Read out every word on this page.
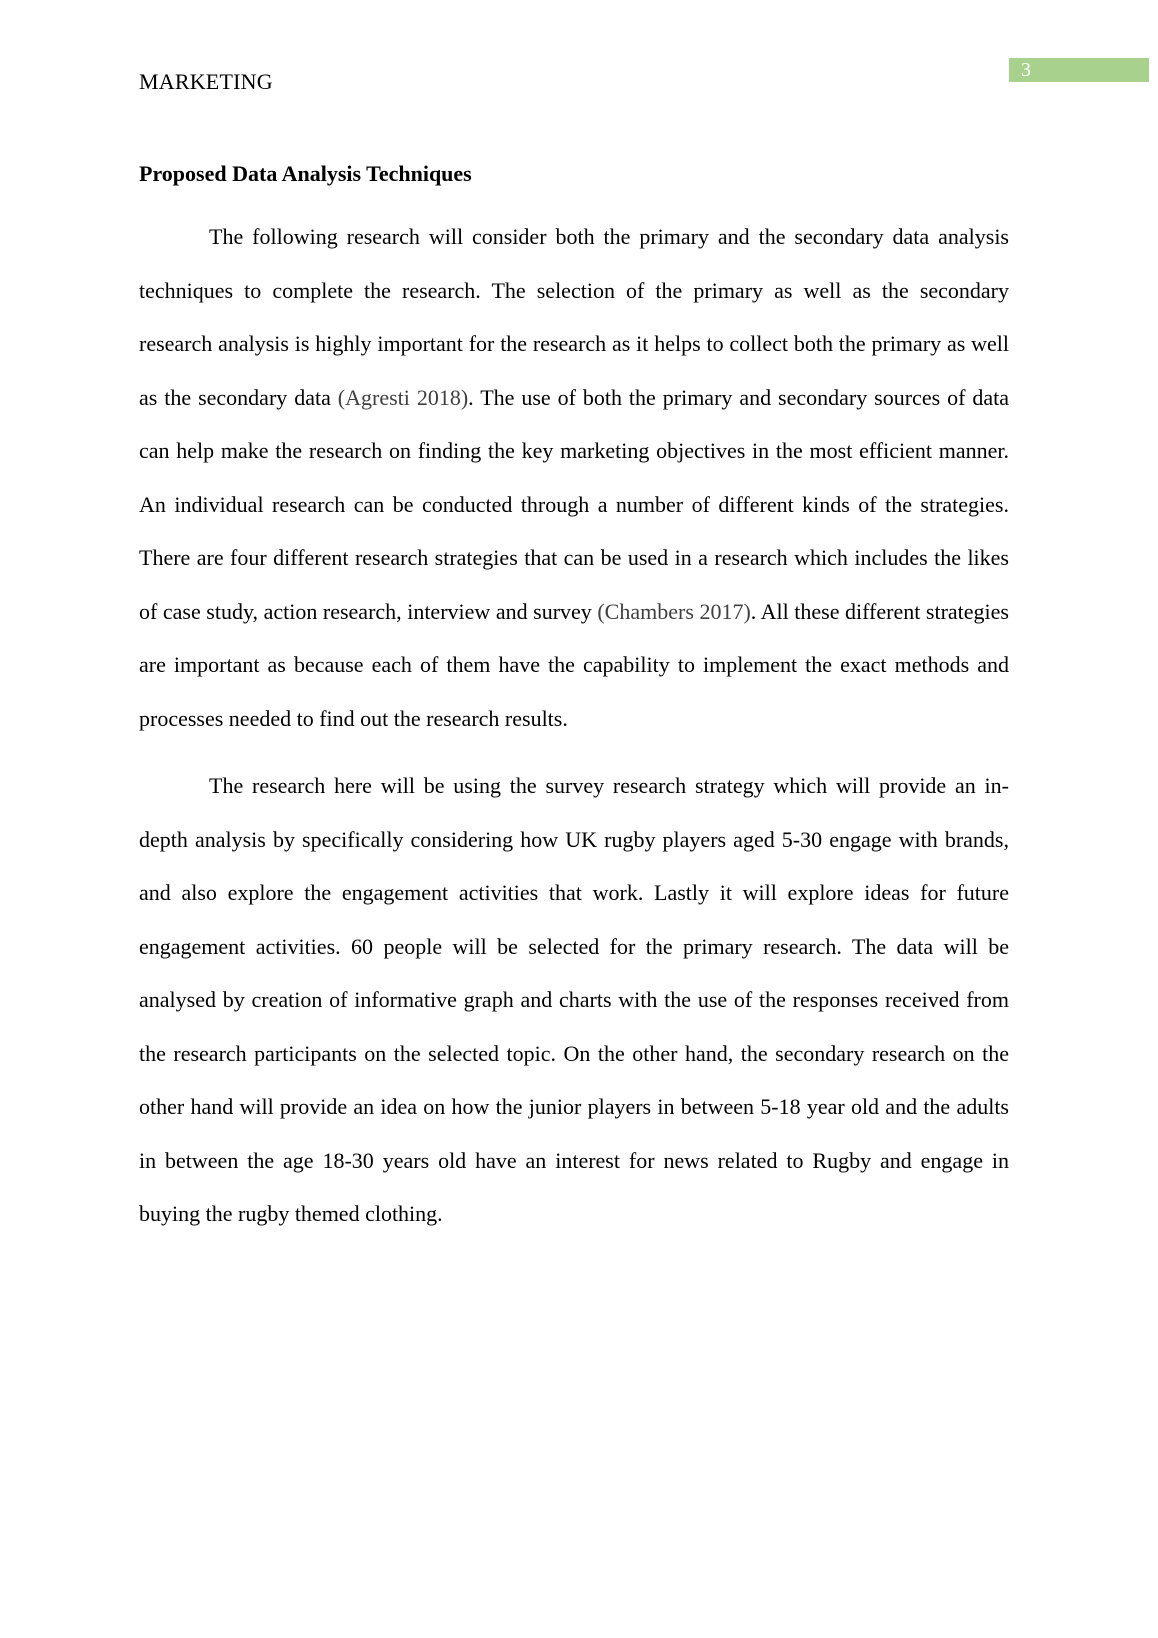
3
MARKETING
Proposed Data Analysis Techniques

The following research will consider both the primary and the secondary data analysis techniques to complete the research. The selection of the primary as well as the secondary research analysis is highly important for the research as it helps to collect both the primary as well as the secondary data (Agresti 2018). The use of both the primary and secondary sources of data can help make the research on finding the key marketing objectives in the most efficient manner. An individual research can be conducted through a number of different kinds of the strategies. There are four different research strategies that can be used in a research which includes the likes of case study, action research, interview and survey (Chambers 2017). All these different strategies are important as because each of them have the capability to implement the exact methods and processes needed to find out the research results.

The research here will be using the survey research strategy which will provide an in-depth analysis by specifically considering how UK rugby players aged 5-30 engage with brands, and also explore the engagement activities that work. Lastly it will explore ideas for future engagement activities. 60 people will be selected for the primary research. The data will be analysed by creation of informative graph and charts with the use of the responses received from the research participants on the selected topic. On the other hand, the secondary research on the other hand will provide an idea on how the junior players in between 5-18 year old and the adults in between the age 18-30 years old have an interest for news related to Rugby and engage in buying the rugby themed clothing.
